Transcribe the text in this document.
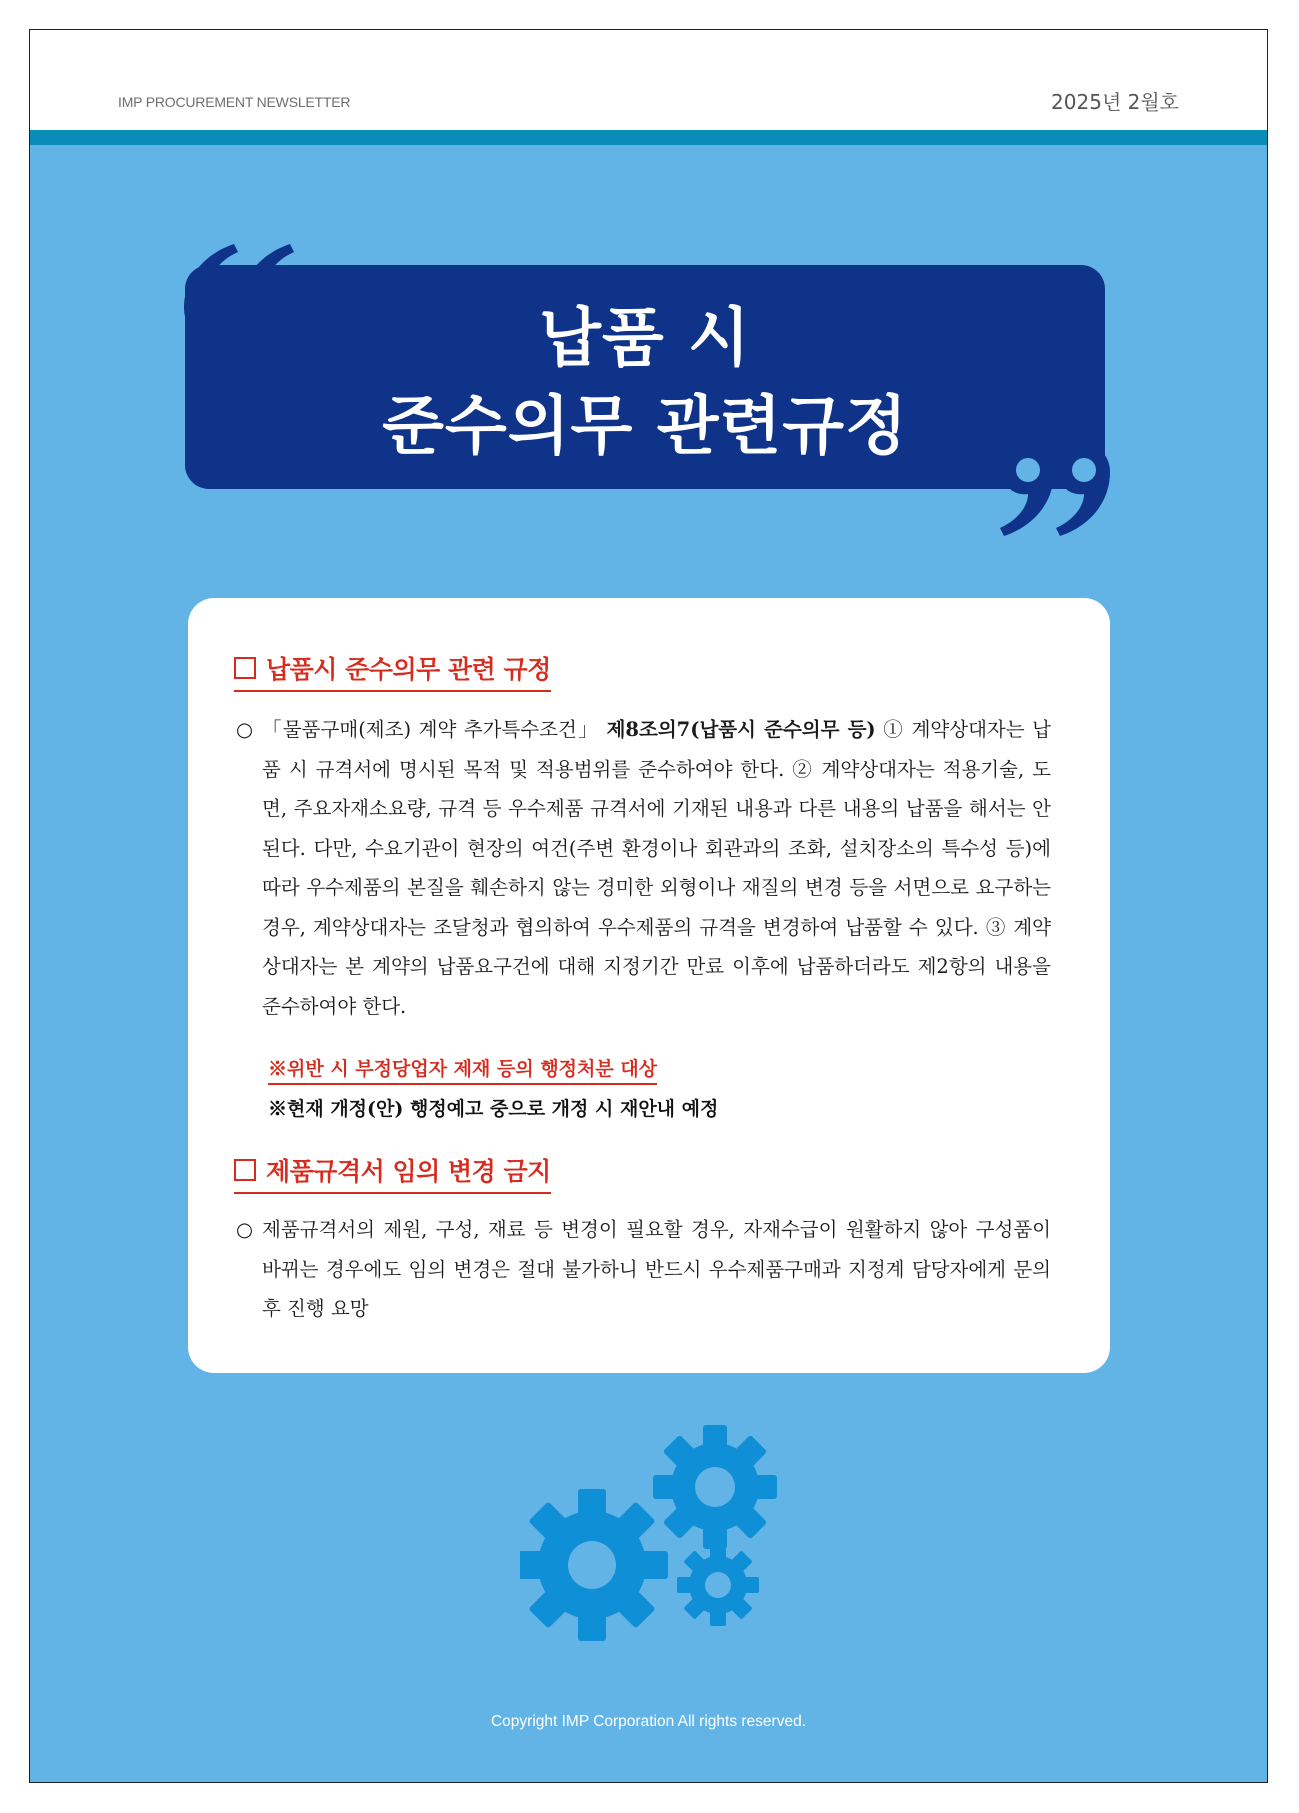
IMP PROCUREMENT NEWSLETTER	2025년 2월호
납품 시
준수의무 관련규정
납품시 준수의무 관련 규정
○ 「물품구매(제조) 계약 추가특수조건」 제8조의7(납품시 준수의무 등) ① 계약상대자는 납품 시 규격서에 명시된 목적 및 적용범위를 준수하여야 한다. ② 계약상대자는 적용기술, 도면, 주요자재소요량, 규격 등 우수제품 규격서에 기재된 내용과 다른 내용의 납품을 해서는 안 된다. 다만, 수요기관이 현장의 여건(주변 환경이나 회관과의 조화, 설치장소의 특수성 등)에 따라 우수제품의 본질을 훼손하지 않는 경미한 외형이나 재질의 변경 등을 서면으로 요구하는 경우, 계약상대자는 조달청과 협의하여 우수제품의 규격을 변경하여 납품할 수 있다. ③ 계약상대자는 본 계약의 납품요구건에 대해 지정기간 만료 이후에 납품하더라도 제2항의 내용을 준수하여야 한다.
※위반 시 부정당업자 제재 등의 행정처분 대상
※현재 개정(안) 행정예고 중으로 개정 시 재안내 예정
제품규격서 임의 변경 금지
○ 제품규격서의 제원, 구성, 재료 등 변경이 필요할 경우, 자재수급이 원활하지 않아 구성품이 바뀌는 경우에도 임의 변경은 절대 불가하니 반드시 우수제품구매과 지정계 담당자에게 문의 후 진행 요망
Copyright IMP Corporation All rights reserved.
